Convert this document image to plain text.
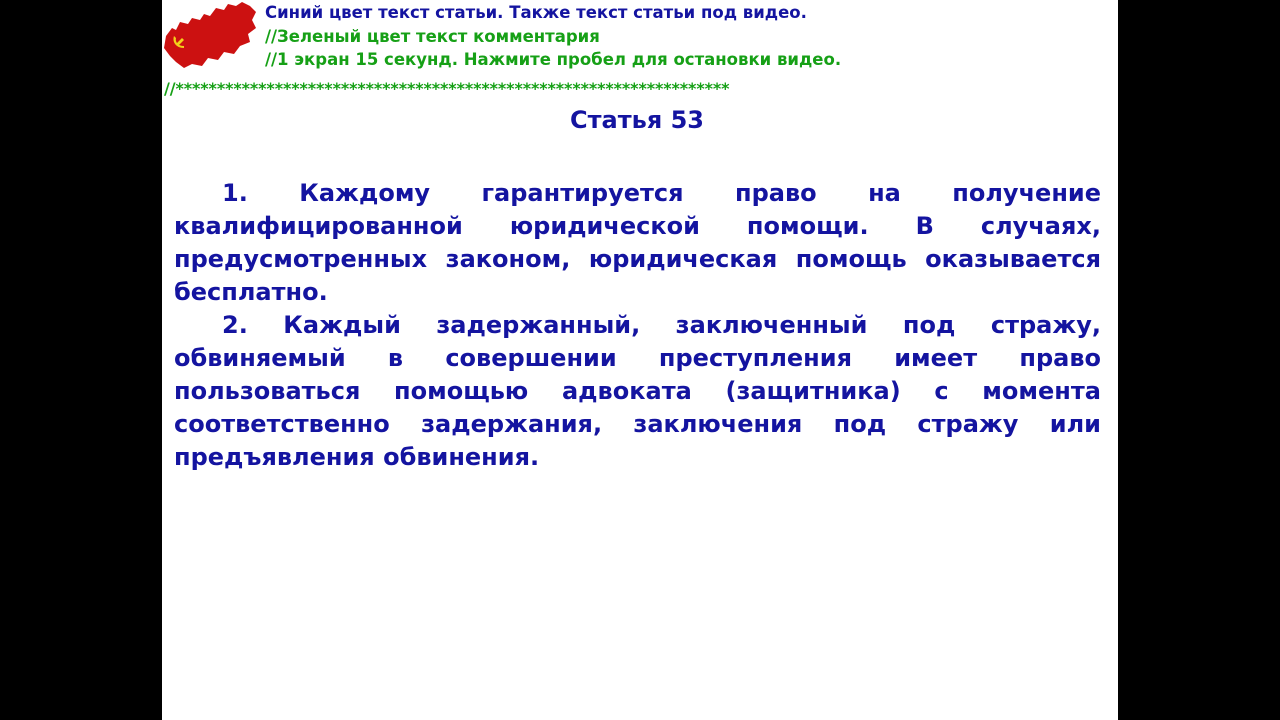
Синий цвет текст статьи. Также текст статьи под видео.
//Зеленый цвет текст комментария
//1 экран 15 секунд. Нажмите пробел для остановки видео.
//*******************************************************************
Статья 53

1. Каждому гарантируется право на получение квалифицированной юридической помощи. В случаях, предусмотренных законом, юридическая помощь оказывается бесплатно.

2. Каждый задержанный, заключенный под стражу, обвиняемый в совершении преступления имеет право пользоваться помощью адвоката (защитника) с момента соответственно задержания, заключения под стражу или предъявления обвинения.
